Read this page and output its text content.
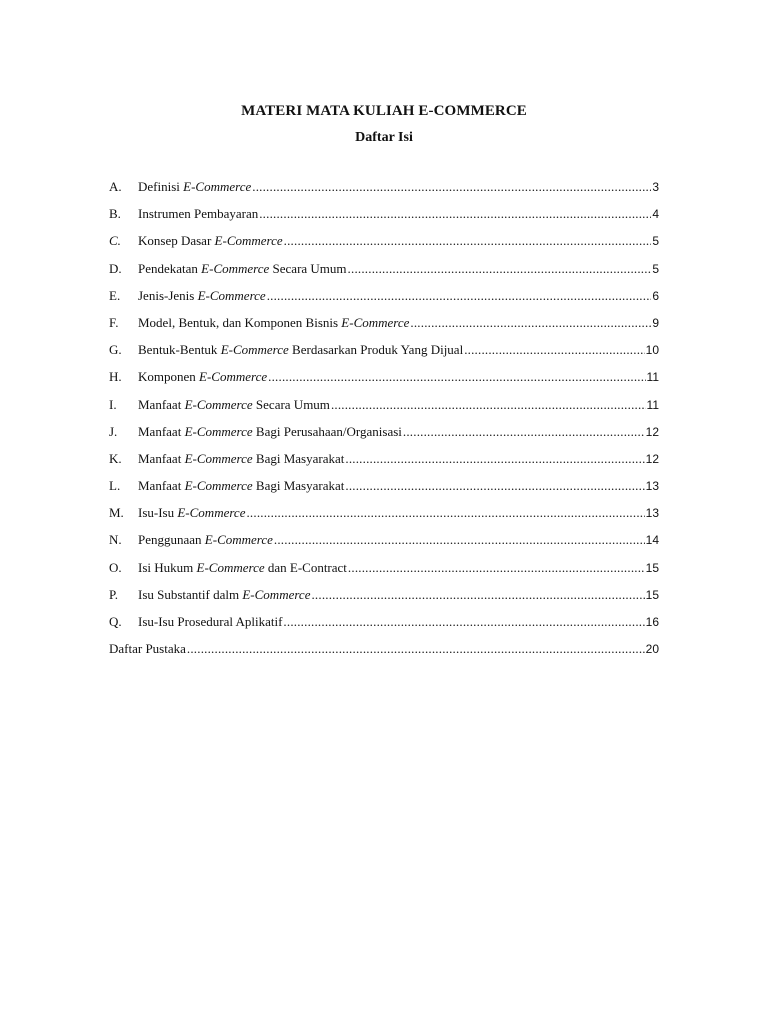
MATERI MATA KULIAH E-COMMERCE
Daftar Isi
A.	Definisi E-Commerce .....	3
B.	Instrumen Pembayaran .....	4
C.	Konsep Dasar E-Commerce .....	5
D.	Pendekatan E-Commerce Secara Umum .....	5
E.	Jenis-Jenis E-Commerce .....	6
F.	Model, Bentuk, dan Komponen Bisnis E-Commerce .....	9
G.	Bentuk-Bentuk E-Commerce Berdasarkan Produk Yang Dijual .....	10
H.	Komponen E-Commerce .....	11
I.	Manfaat E-Commerce Secara Umum .....	11
J.	Manfaat E-Commerce Bagi Perusahaan/Organisasi .....	12
K.	Manfaat E-Commerce Bagi Masyarakat .....	12
L.	Manfaat E-Commerce Bagi Masyarakat .....	13
M.	Isu-Isu E-Commerce .....	13
N.	Penggunaan E-Commerce .....	14
O.	Isi Hukum E-Commerce dan E-Contract .....	15
P.	Isu Substantif dalm E-Commerce .....	15
Q.	Isu-Isu Prosedural Aplikatif .....	16
Daftar Pustaka .....	20
